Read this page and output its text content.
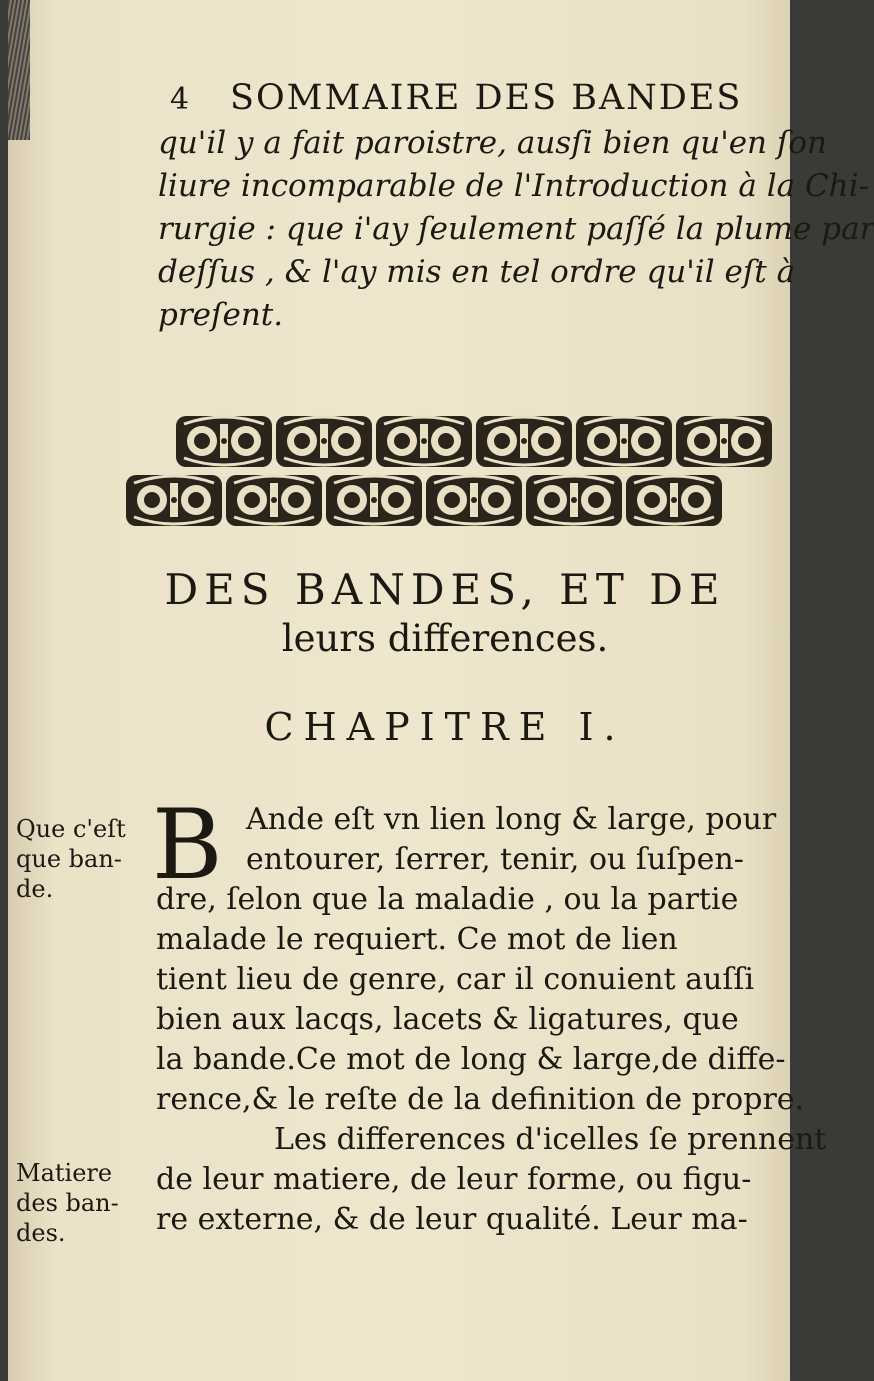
4 SOMMAIRE DES BANDES

qu'il y a fait paroistre, ausſi bien qu'en ſon
liure incomparable de l'Introduction à la Chi-
rurgie : que i'ay ſeulement paſſé la plume par
deſſus , & l'ay mis en tel ordre qu'il eſt à
preſent.

DES BANDES, ET DE
leurs differences.
CHAPITRE I.
Que c'eſt
que ban-
de.
Matiere
des ban-
des.
B Ande eſt vn lien long & large, pour
entourer, ſerrer, tenir, ou ſuſpen-
dre, ſelon que la maladie , ou la partie
malade le requiert. Ce mot de lien
tient lieu de genre, car il conuient auſſi
bien aux lacqs, lacets & ligatures, que
la bande.Ce mot de long & large,de diffe-
rence,& le reſte de la definition de propre.
Les differences d'icelles ſe prennent
de leur matiere, de leur forme, ou figu-
re externe, & de leur qualité. Leur ma-
